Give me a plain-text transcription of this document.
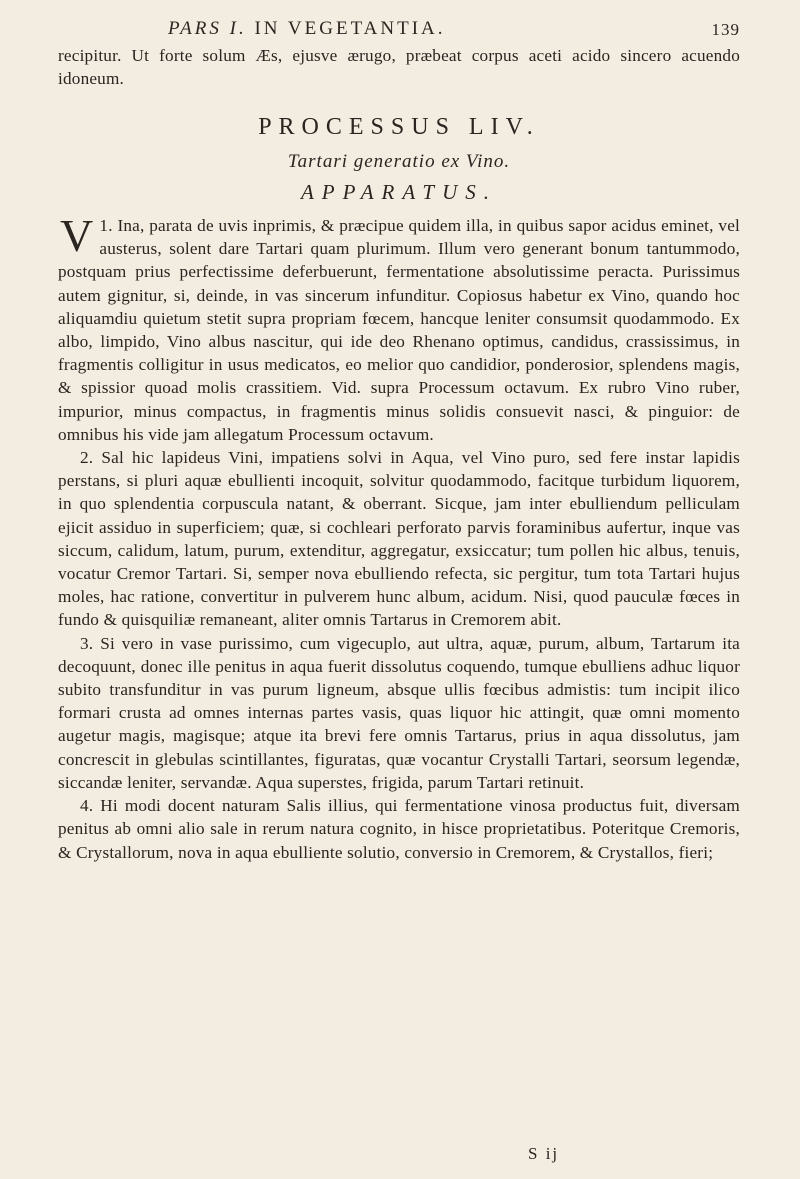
PARS I. IN VEGETANTIA.	139

recipitur. Ut forte solum Æs, ejusve ærugo, præbeat corpus aceti acido sincero acuendo idoneum.

PROCESSUS LIV.
Tartari generatio ex Vino.
APPARATUS.

1.
V Ina, parata de uvis inprimis, & præcipue quidem illa, in quibus sapor acidus eminet, vel austerus, solent dare Tartari quam plurimum. Illum vero generant bonum tantummodo, postquam prius perfectissime deferbuerunt, fermentatione absolutissime peracta. Purissimus autem gignitur, si, deinde, in vas sincerum infunditur. Copiosus habetur ex Vino, quando hoc aliquamdiu quietum stetit supra propriam fœcem, hancque leniter consumsit quodammodo. Ex albo, limpido, Vino albus nascitur, qui ide deo Rhenano optimus, candidus, crassissimus, in fragmentis colligitur in usus medicatos, eo melior quo candidior, ponderosior, splendens magis, & spissior quoad molis crassitiem. Vid. supra Processum octavum. Ex rubro Vino ruber, impurior, minus compactus, in fragmentis minus solidis consuevit nasci, & pinguior: de omnibus his vide jam allegatum Processum octavum.

2. Sal hic lapideus Vini, impatiens solvi in Aqua, vel Vino puro, sed fere instar lapidis perstans, si pluri aquæ ebullienti incoquit, solvitur quodammodo, facitque turbidum liquorem, in quo splendentia corpuscula natant, & oberrant. Sicque, jam inter ebulliendum pelliculam ejicit assiduo in superficiem; quæ, si cochleari perforato parvis foraminibus aufertur, inque vas siccum, calidum, latum, purum, extenditur, aggregatur, exsiccatur; tum pollen hic albus, tenuis, vocatur Cremor Tartari. Si, semper nova ebulliendo refecta, sic pergitur, tum tota Tartari hujus moles, hac ratione, convertitur in pulverem hunc album, acidum. Nisi, quod pauculæ fœces in fundo & quisquiliæ remaneant, aliter omnis Tartarus in Cremorem abit.

3. Si vero in vase purissimo, cum vigecuplo, aut ultra, aquæ, purum, album, Tartarum ita decoquunt, donec ille penitus in aqua fuerit dissolutus coquendo, tumque ebulliens adhuc liquor subito transfunditur in vas purum ligneum, absque ullis fœcibus admistis: tum incipit ilico formari crusta ad omnes internas partes vasis, quas liquor hic attingit, quæ omni momento augetur magis, magisque; atque ita brevi fere omnis Tartarus, prius in aqua dissolutus, jam concrescit in glebulas scintillantes, figuratas, quæ vocantur Crystalli Tartari, seorsum legendæ, siccandæ leniter, servandæ. Aqua superstes, frigida, parum Tartari retinuit.

4. Hi modi docent naturam Salis illius, qui fermentatione vinosa productus fuit, diversam penitus ab omni alio sale in rerum natura cognito, in hisce proprietatibus. Poteritque Cremoris, & Crystallorum, nova in aqua ebulliente solutio, conversio in Cremorem, & Crystallos, fieri;

S ij
